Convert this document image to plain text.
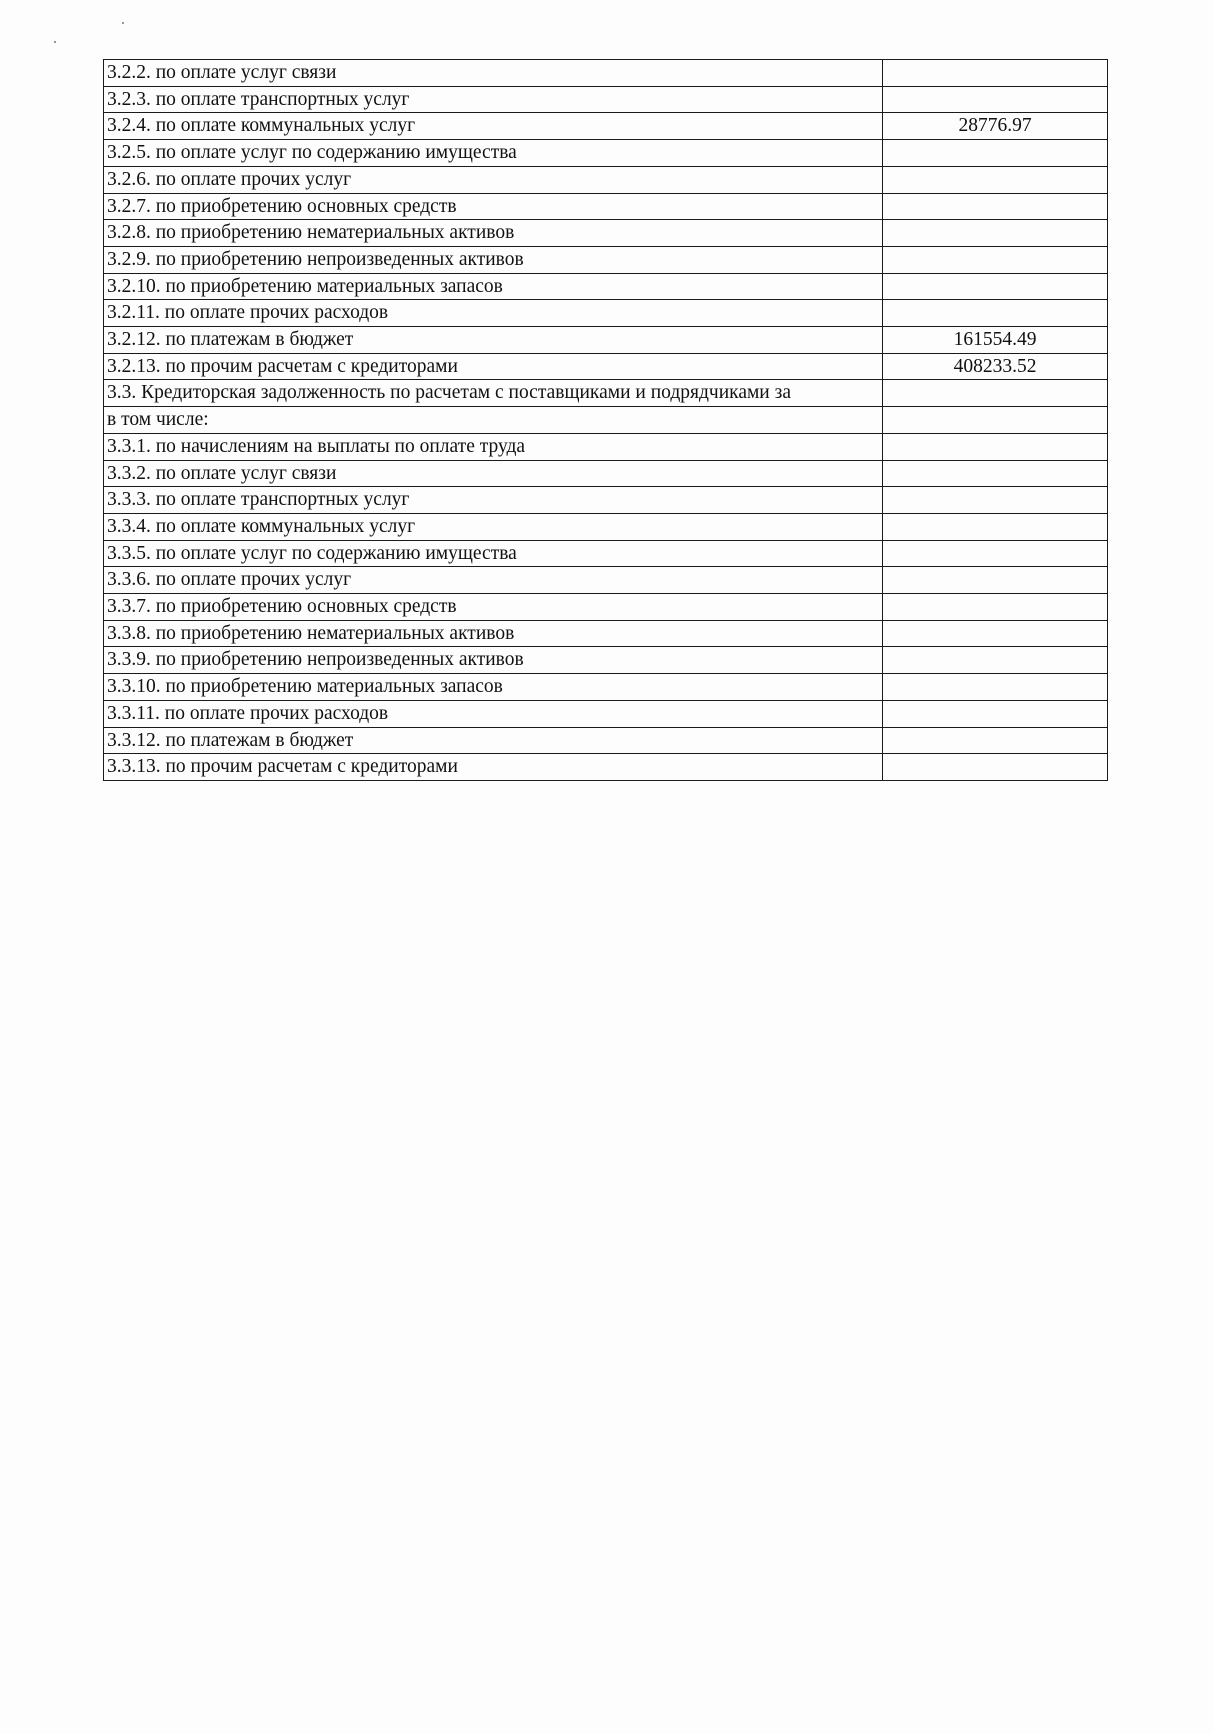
3.2.2. по оплате услуг связи	
3.2.3. по оплате транспортных услуг	
3.2.4. по оплате коммунальных услуг	28776.97
3.2.5. по оплате услуг по содержанию имущества	
3.2.6. по оплате прочих услуг	
3.2.7. по приобретению основных средств	
3.2.8. по приобретению нематериальных активов	
3.2.9. по приобретению непроизведенных активов	
3.2.10. по приобретению материальных запасов	
3.2.11. по оплате прочих расходов	
3.2.12. по платежам в бюджет	161554.49
3.2.13. по прочим расчетам с кредиторами	408233.52
3.3. Кредиторская задолженность по расчетам с поставщиками и подрядчиками за	
в том числе:	
3.3.1. по начислениям на выплаты по оплате труда	
3.3.2. по оплате услуг связи	
3.3.3. по оплате транспортных услуг	
3.3.4. по оплате коммунальных услуг	
3.3.5. по оплате услуг по содержанию имущества	
3.3.6. по оплате прочих услуг	
3.3.7. по приобретению основных средств	
3.3.8. по приобретению нематериальных активов	
3.3.9. по приобретению непроизведенных активов	
3.3.10. по приобретению материальных запасов	
3.3.11. по оплате прочих расходов	
3.3.12. по платежам в бюджет	
3.3.13. по прочим расчетам с кредиторами	
